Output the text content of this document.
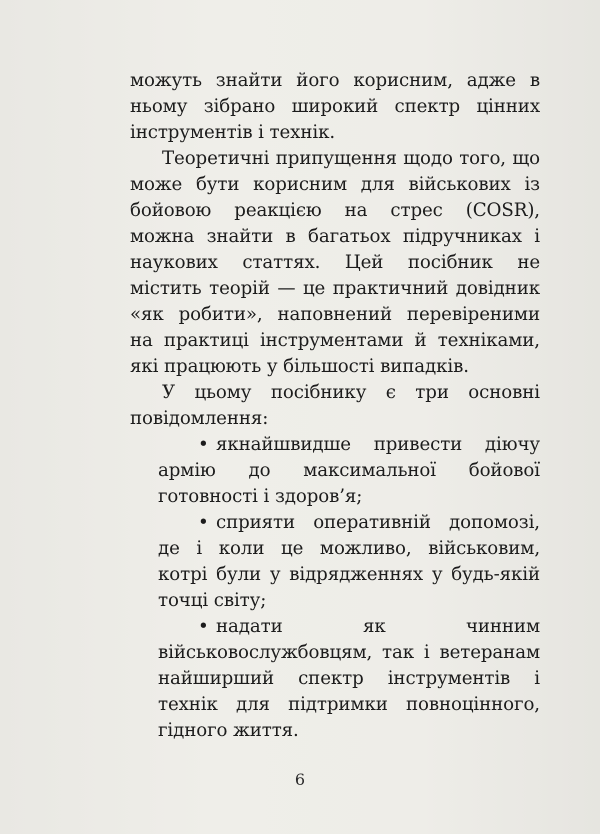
можуть знайти його корисним, адже в ньому зібрано широкий спектр цінних інструментів і технік.

Теоретичні припущення щодо того, що може бути корисним для військових із бойовою реакцією на стрес (COSR), можна знайти в багатьох підручниках і наукових статтях. Цей посібник не містить теорій — це практичний довідник «як робити», наповнений перевіреними на практиці інструментами й техніками, які працюють у більшості випадків.

У цьому посібнику є три основні повідомлення:

• якнайшвидше привести діючу армію до максимальної бойової готовності і здоров’я;
• сприяти оперативній допомозі, де і коли це можливо, військовим, котрі були у відрядженнях у будь-якій точці світу;
• надати як чинним військовослужбовцям, так і ветеранам найширший спектр інструментів і технік для підтримки повноцінного, гідного життя.
6
